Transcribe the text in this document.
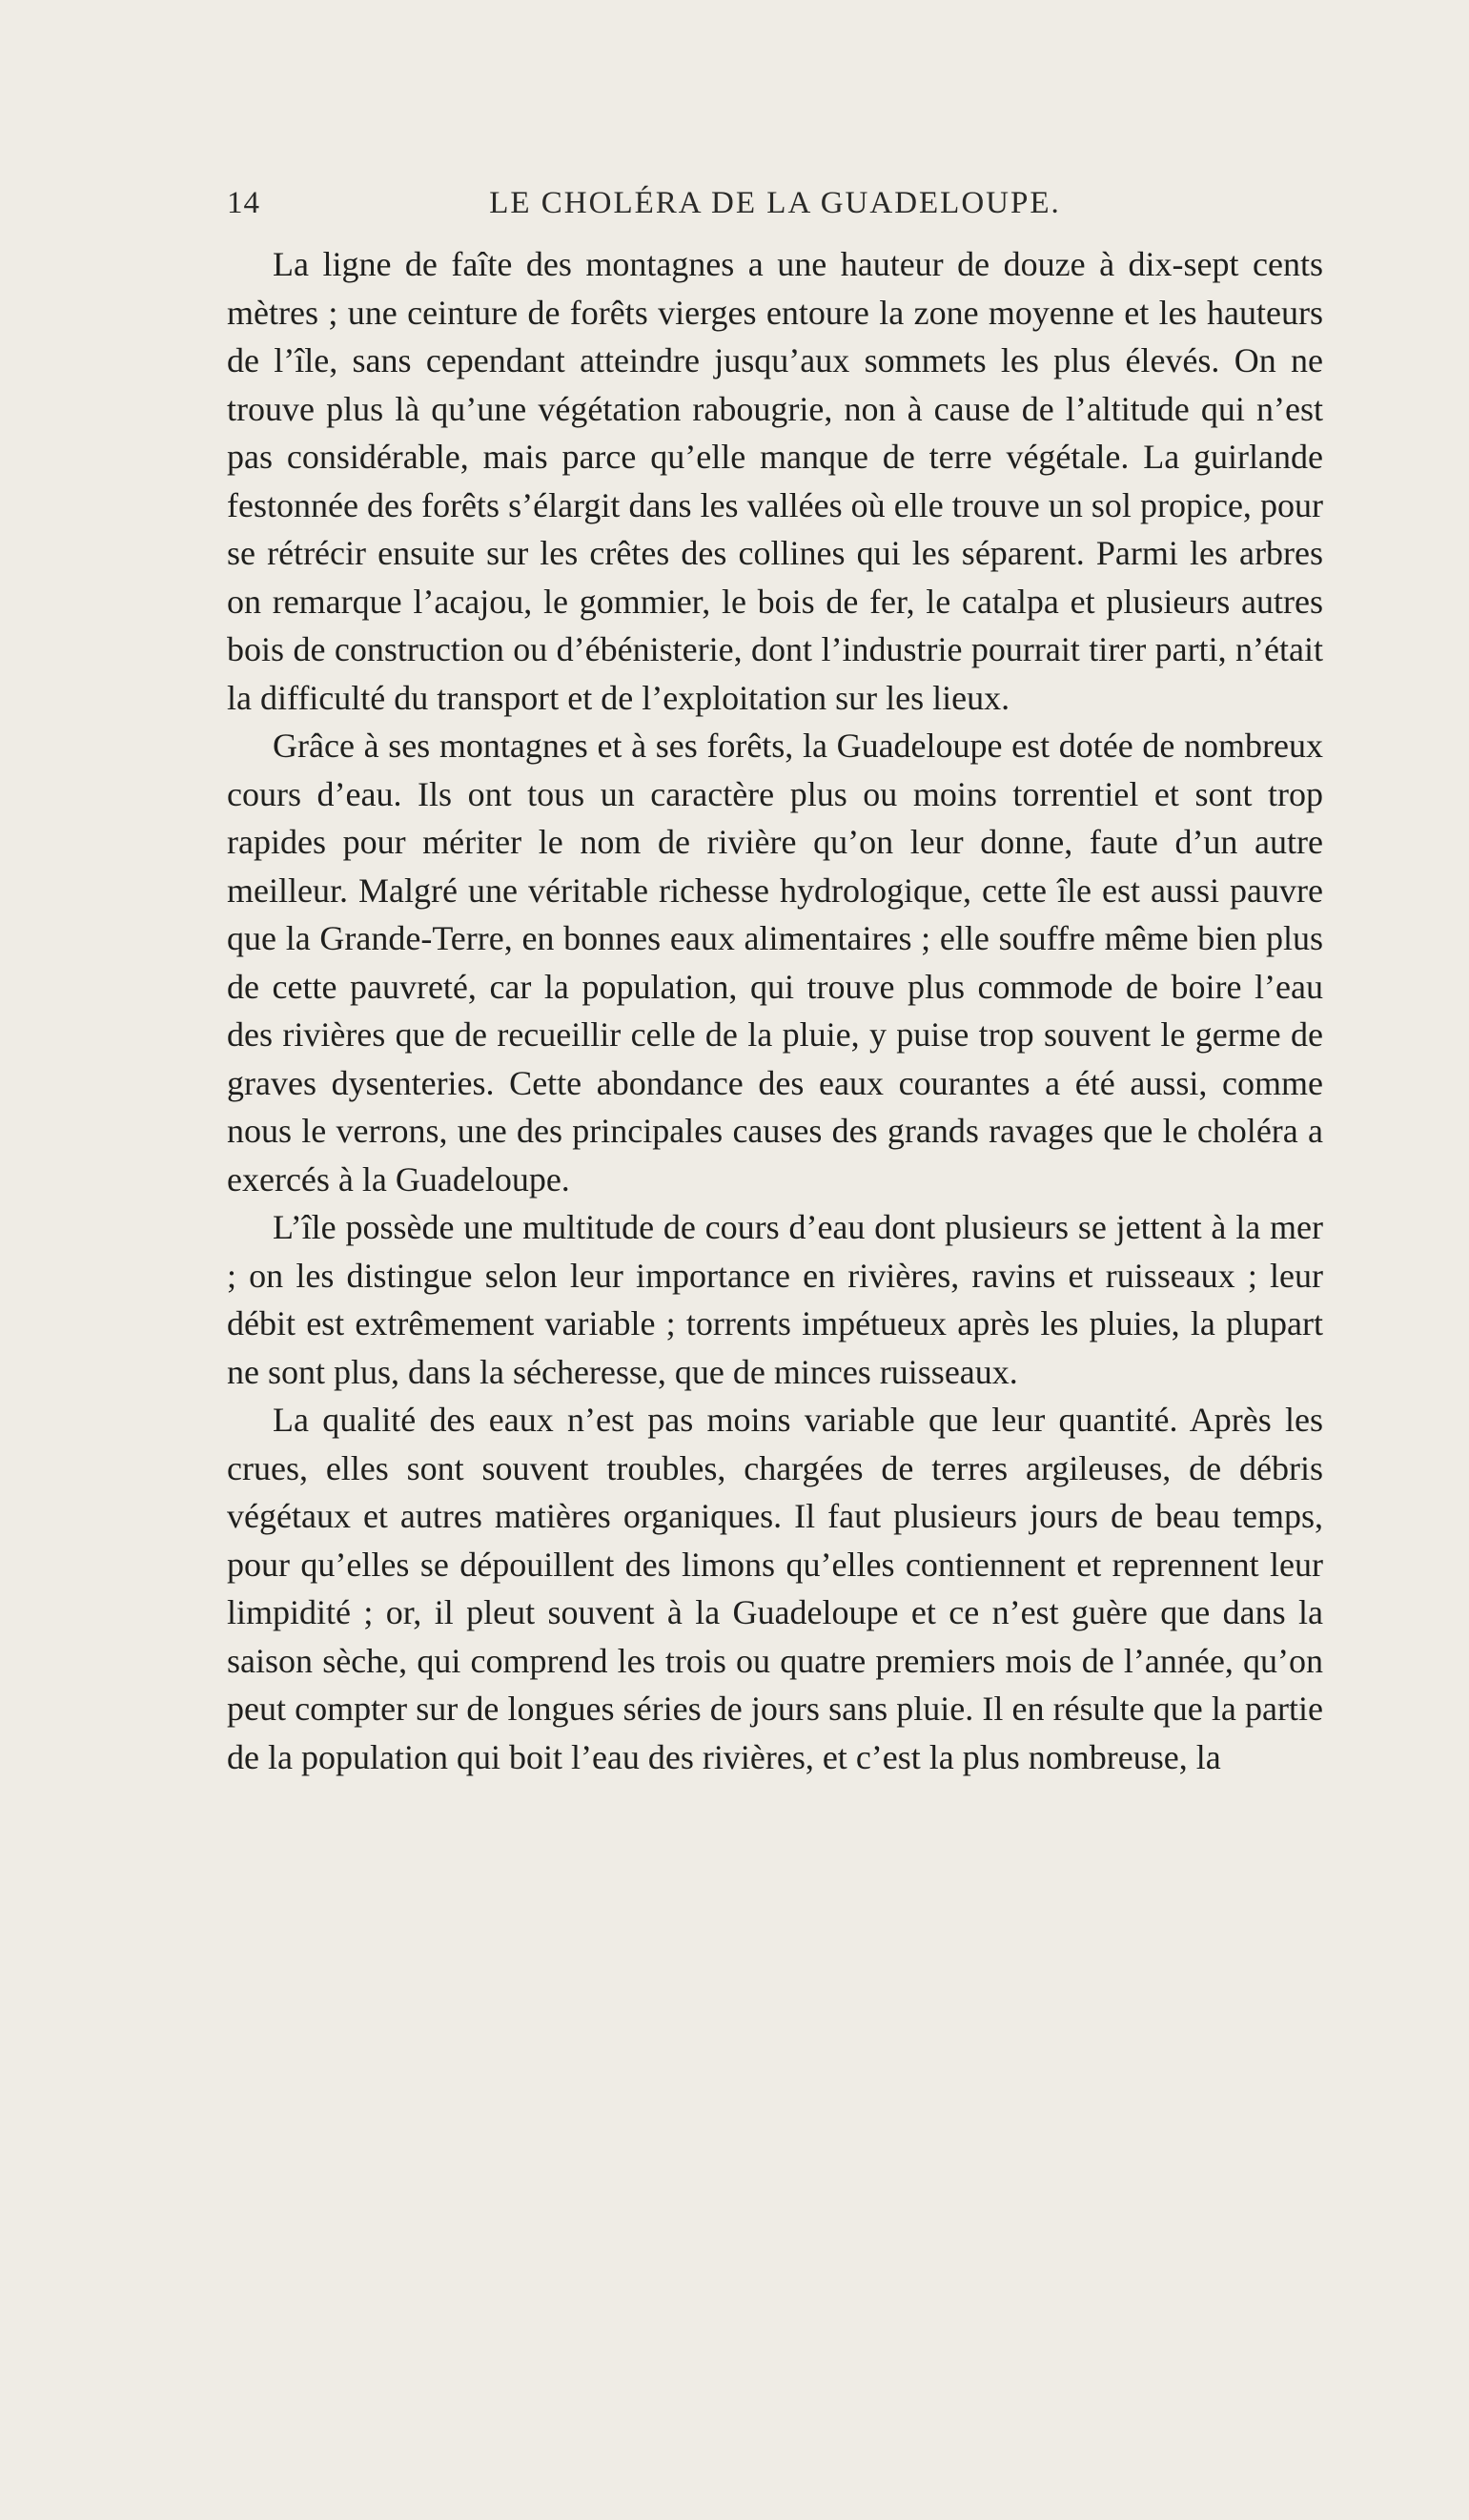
14	LE CHOLÉRA DE LA GUADELOUPE.

La ligne de faîte des montagnes a une hauteur de douze à dix-sept cents mètres ; une ceinture de forêts vierges entoure la zone moyenne et les hauteurs de l’île, sans cependant atteindre jusqu’aux sommets les plus élevés. On ne trouve plus là qu’une végétation rabougrie, non à cause de l’altitude qui n’est pas considérable, mais parce qu’elle manque de terre végétale. La guirlande festonnée des forêts s’élargit dans les vallées où elle trouve un sol propice, pour se rétrécir ensuite sur les crêtes des collines qui les séparent. Parmi les arbres on remarque l’acajou, le gommier, le bois de fer, le catalpa et plusieurs autres bois de construction ou d’ébénisterie, dont l’industrie pourrait tirer parti, n’était la difficulté du transport et de l’exploitation sur les lieux.

Grâce à ses montagnes et à ses forêts, la Guadeloupe est dotée de nombreux cours d’eau. Ils ont tous un caractère plus ou moins torrentiel et sont trop rapides pour mériter le nom de rivière qu’on leur donne, faute d’un autre meilleur. Malgré une véritable richesse hydrologique, cette île est aussi pauvre que la Grande-Terre, en bonnes eaux alimentaires ; elle souffre même bien plus de cette pauvreté, car la population, qui trouve plus commode de boire l’eau des rivières que de recueillir celle de la pluie, y puise trop souvent le germe de graves dysenteries. Cette abondance des eaux courantes a été aussi, comme nous le verrons, une des principales causes des grands ravages que le choléra a exercés à la Guadeloupe.

L’île possède une multitude de cours d’eau dont plusieurs se jettent à la mer ; on les distingue selon leur importance en rivières, ravins et ruisseaux ; leur débit est extrêmement variable ; torrents impétueux après les pluies, la plupart ne sont plus, dans la sécheresse, que de minces ruisseaux.

La qualité des eaux n’est pas moins variable que leur quantité. Après les crues, elles sont souvent troubles, chargées de terres argileuses, de débris végétaux et autres matières organiques. Il faut plusieurs jours de beau temps, pour qu’elles se dépouillent des limons qu’elles contiennent et reprennent leur limpidité ; or, il pleut souvent à la Guadeloupe et ce n’est guère que dans la saison sèche, qui comprend les trois ou quatre premiers mois de l’année, qu’on peut compter sur de longues séries de jours sans pluie. Il en résulte que la partie de la population qui boit l’eau des rivières, et c’est la plus nombreuse, la
